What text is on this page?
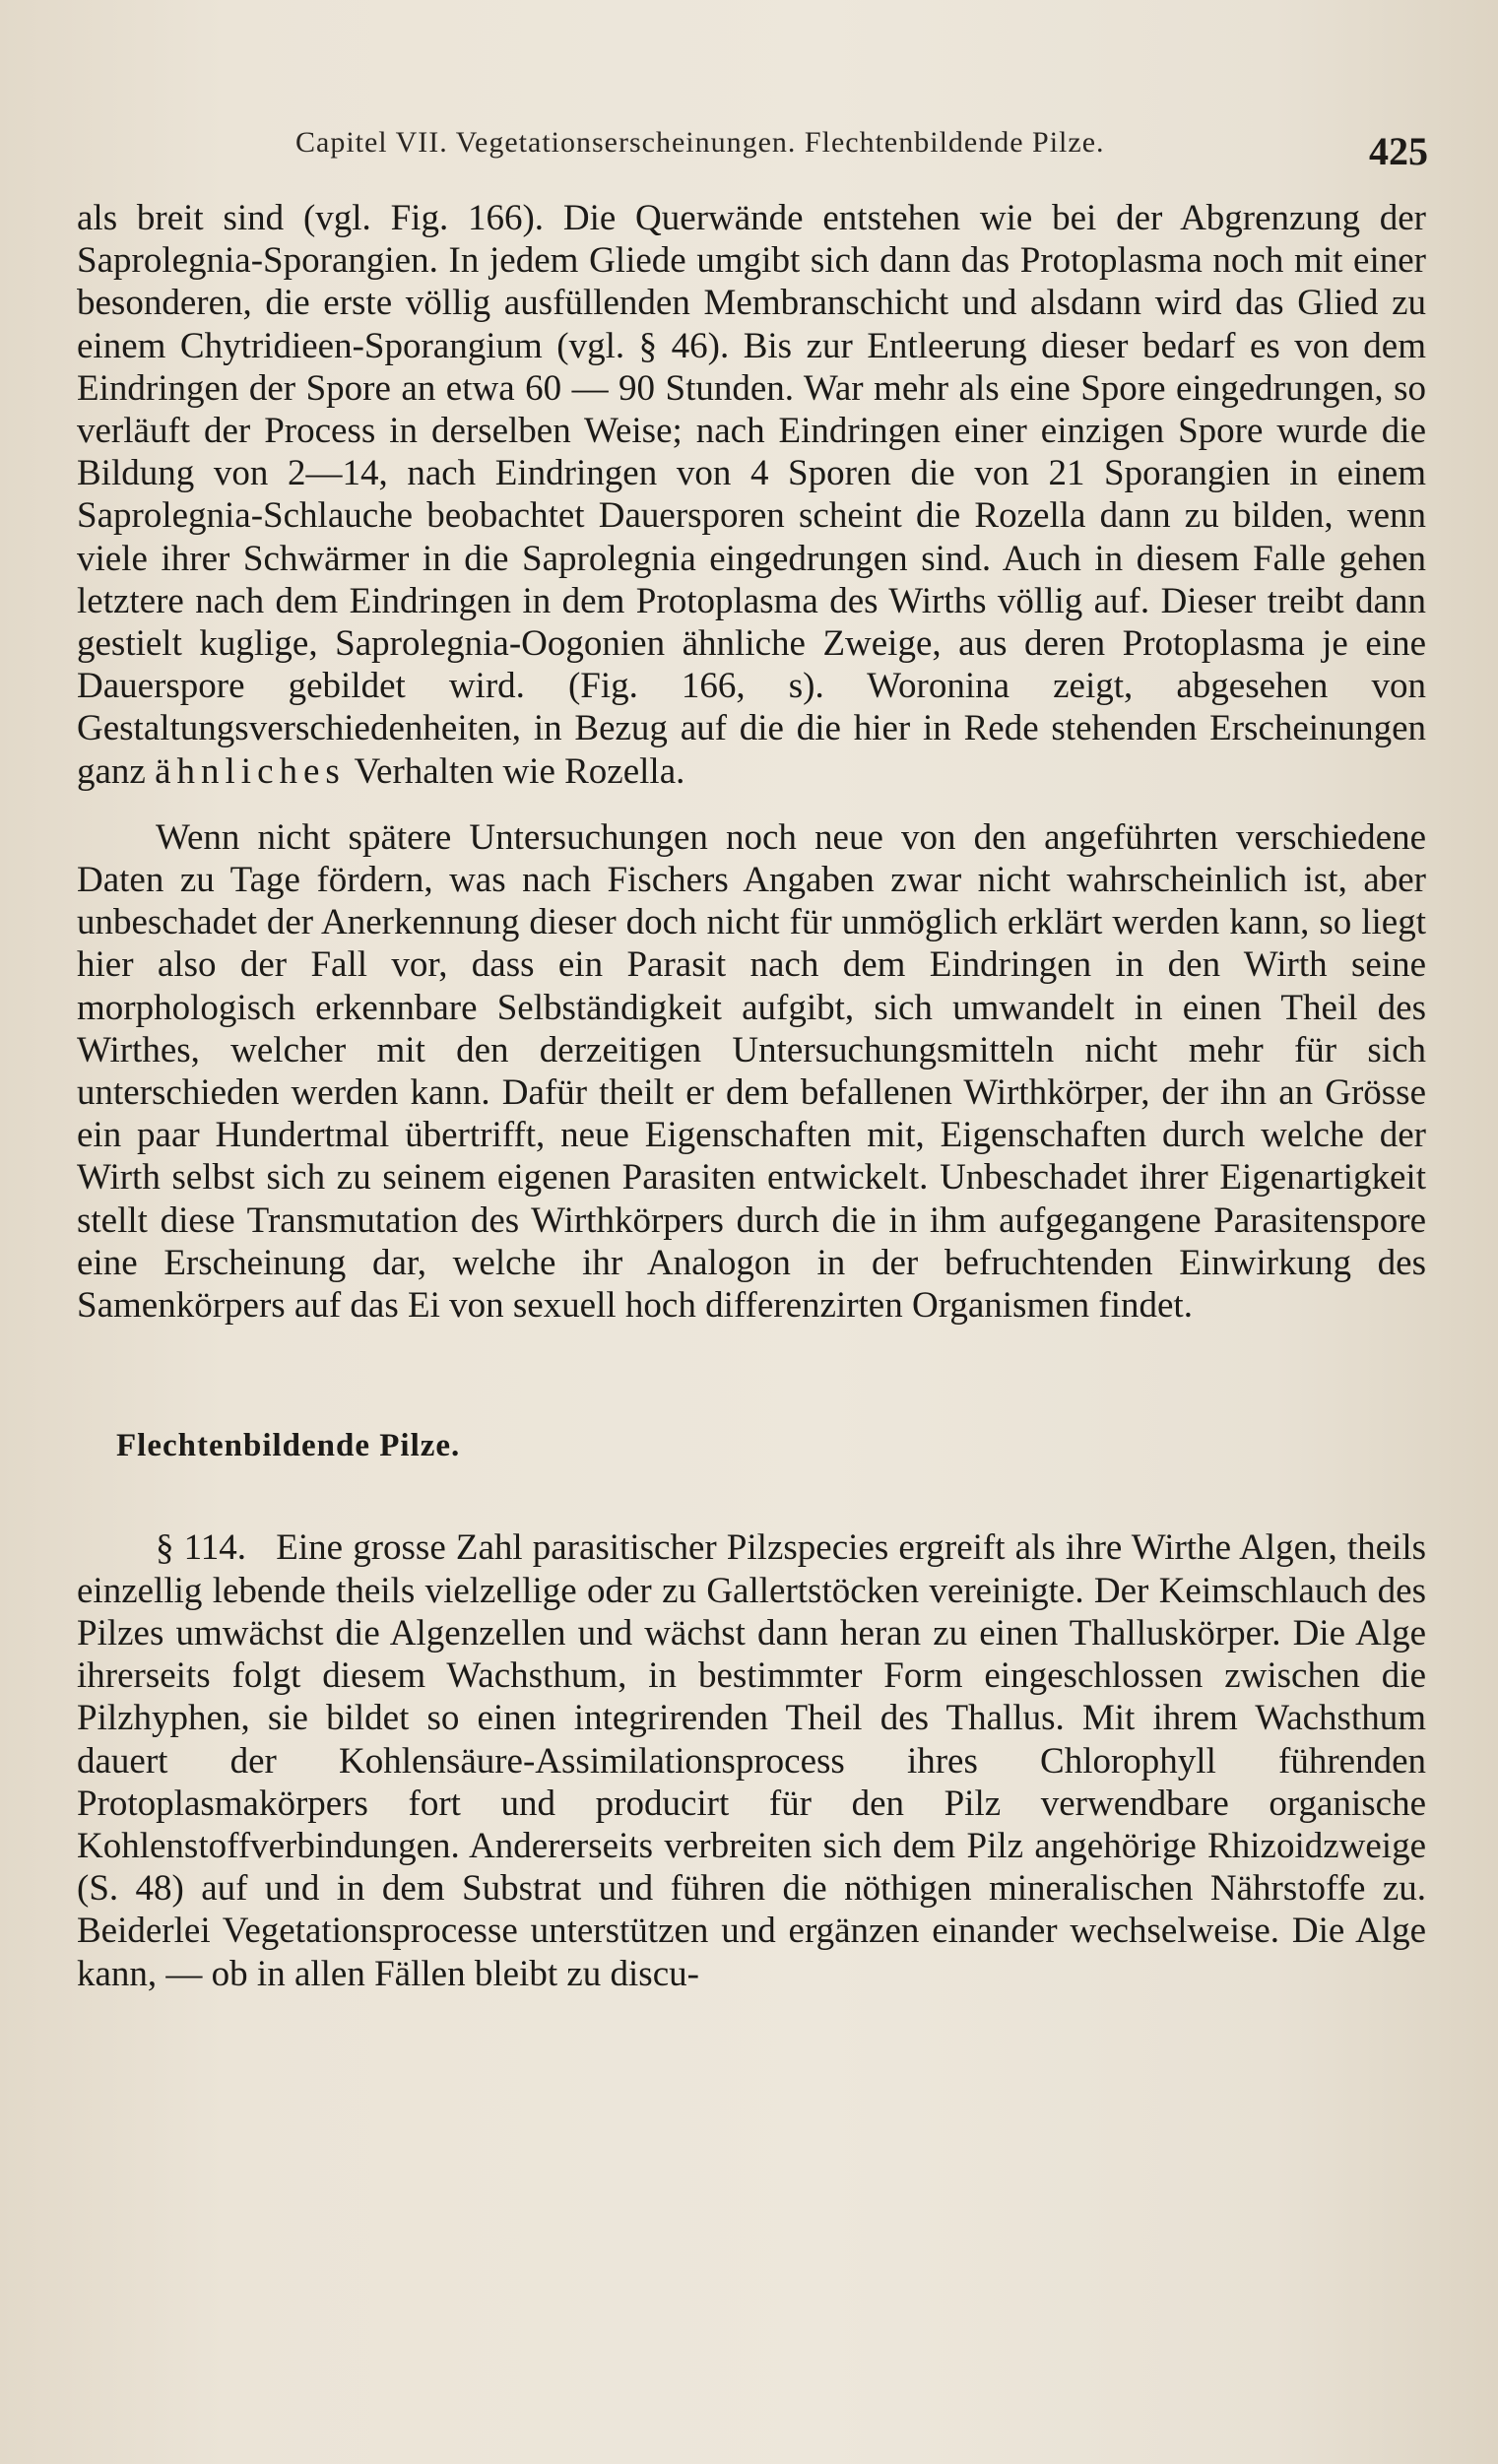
Capitel VII. Vegetationserscheinungen. Flechtenbildende Pilze.	425

als breit sind (vgl. Fig. 166). Die Querwände entstehen wie bei der Abgrenzung der Saprolegnia-Sporangien. In jedem Gliede umgibt sich dann das Protoplasma noch mit einer besonderen, die erste völlig ausfüllenden Membranschicht und alsdann wird das Glied zu einem Chytridieen-Sporangium (vgl. § 46). Bis zur Entleerung dieser bedarf es von dem Eindringen der Spore an etwa 60 — 90 Stunden. War mehr als eine Spore eingedrungen, so verläuft der Process in derselben Weise; nach Eindringen einer einzigen Spore wurde die Bildung von 2—14, nach Eindringen von 4 Sporen die von 21 Sporangien in einem Saprolegnia-Schlauche beobachtet Dauersporen scheint die Rozella dann zu bilden, wenn viele ihrer Schwärmer in die Saprolegnia eingedrungen sind. Auch in diesem Falle gehen letztere nach dem Eindringen in dem Protoplasma des Wirths völlig auf. Dieser treibt dann gestielt kuglige, Saprolegnia-Oogonien ähnliche Zweige, aus deren Protoplasma je eine Dauerspore gebildet wird. (Fig. 166, s). Woronina zeigt, abgesehen von Gestaltungsverschiedenheiten, in Bezug auf die die hier in Rede stehenden Erscheinungen ganz ähnliches Verhalten wie Rozella.

Wenn nicht spätere Untersuchungen noch neue von den angeführten verschiedene Daten zu Tage fördern, was nach Fischers Angaben zwar nicht wahrscheinlich ist, aber unbeschadet der Anerkennung dieser doch nicht für unmöglich erklärt werden kann, so liegt hier also der Fall vor, dass ein Parasit nach dem Eindringen in den Wirth seine morphologisch erkennbare Selbständigkeit aufgibt, sich umwandelt in einen Theil des Wirthes, welcher mit den derzeitigen Untersuchungsmitteln nicht mehr für sich unterschieden werden kann. Dafür theilt er dem befallenen Wirthkörper, der ihn an Grösse ein paar Hundertmal übertrifft, neue Eigenschaften mit, Eigenschaften durch welche der Wirth selbst sich zu seinem eigenen Parasiten entwickelt. Unbeschadet ihrer Eigenartigkeit stellt diese Transmutation des Wirthkörpers durch die in ihm aufgegangene Parasitenspore eine Erscheinung dar, welche ihr Analogon in der befruchtenden Einwirkung des Samenkörpers auf das Ei von sexuell hoch differenzirten Organismen findet.

Flechtenbildende Pilze.

§ 114. Eine grosse Zahl parasitischer Pilzspecies ergreift als ihre Wirthe Algen, theils einzellig lebende theils vielzellige oder zu Gallertstöcken vereinigte. Der Keimschlauch des Pilzes umwächst die Algenzellen und wächst dann heran zu einen Thalluskörper. Die Alge ihrerseits folgt diesem Wachsthum, in bestimmter Form eingeschlossen zwischen die Pilzhyphen, sie bildet so einen integrirenden Theil des Thallus. Mit ihrem Wachsthum dauert der Kohlensäure-Assimilationsprocess ihres Chlorophyll führenden Protoplasmakörpers fort und producirt für den Pilz verwendbare organische Kohlenstoffverbindungen. Andererseits verbreiten sich dem Pilz angehörige Rhizoidzweige (S. 48) auf und in dem Substrat und führen die nöthigen mineralischen Nährstoffe zu. Beiderlei Vegetationsprocesse unterstützen und ergänzen einander wechselweise. Die Alge kann, — ob in allen Fällen bleibt zu discu-
